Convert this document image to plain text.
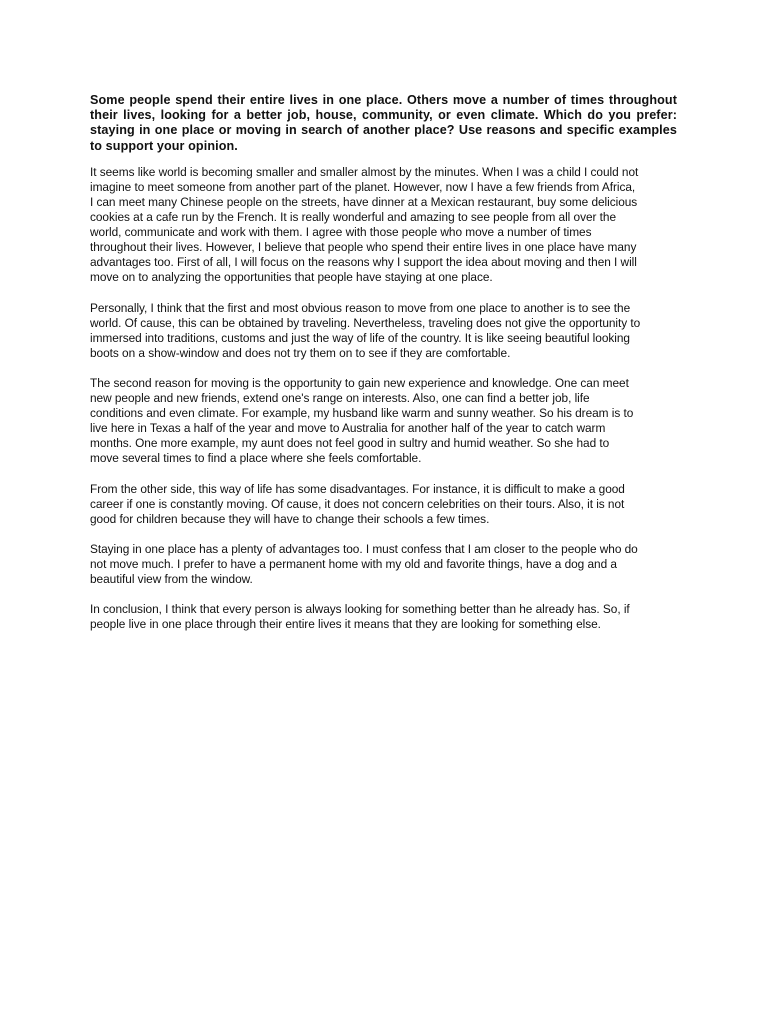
Some people spend their entire lives in one place. Others move a number of times throughout their lives, looking for a better job, house, community, or even climate. Which do you prefer: staying in one place or moving in search of another place? Use reasons and specific examples to support your opinion.

It seems like world is becoming smaller and smaller almost by the minutes. When I was a child I could not
imagine to meet someone from another part of the planet. However, now I have a few friends from Africa,
I can meet many Chinese people on the streets, have dinner at a Mexican restaurant, buy some delicious
cookies at a cafe run by the French. It is really wonderful and amazing to see people from all over the
world, communicate and work with them. I agree with those people who move a number of times
throughout their lives. However, I believe that people who spend their entire lives in one place have many
advantages too. First of all, I will focus on the reasons why I support the idea about moving and then I will
move on to analyzing the opportunities that people have staying at one place.

Personally, I think that the first and most obvious reason to move from one place to another is to see the
world. Of cause, this can be obtained by traveling. Nevertheless, traveling does not give the opportunity to
immersed into traditions, customs and just the way of life of the country. It is like seeing beautiful looking
boots on a show-window and does not try them on to see if they are comfortable.

The second reason for moving is the opportunity to gain new experience and knowledge. One can meet
new people and new friends, extend one's range on interests. Also, one can find a better job, life
conditions and even climate. For example, my husband like warm and sunny weather. So his dream is to
live here in Texas a half of the year and move to Australia for another half of the year to catch warm
months. One more example, my aunt does not feel good in sultry and humid weather. So she had to
move several times to find a place where she feels comfortable.

From the other side, this way of life has some disadvantages. For instance, it is difficult to make a good
career if one is constantly moving. Of cause, it does not concern celebrities on their tours. Also, it is not
good for children because they will have to change their schools a few times.

Staying in one place has a plenty of advantages too. I must confess that I am closer to the people who do
not move much. I prefer to have a permanent home with my old and favorite things, have a dog and a
beautiful view from the window.

In conclusion, I think that every person is always looking for something better than he already has. So, if
people live in one place through their entire lives it means that they are looking for something else.
